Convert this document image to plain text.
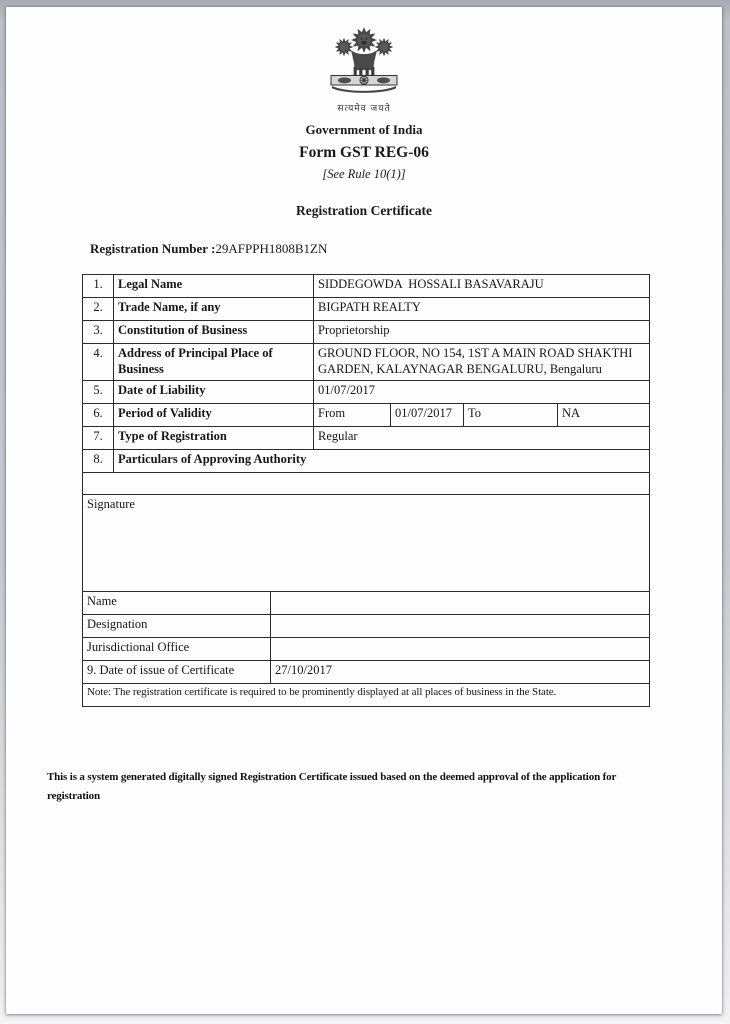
सत्यमेव जयते
Government of India
Form GST REG-06
[See Rule 10(1)]
Registration Certificate
Registration Number :29AFPPH1808B1ZN
1.	Legal Name		SIDDEGOWDA  HOSSALI BASAVARAJU			
2.	Trade Name, if any		BIGPATH REALTY			
3.	Constitution of Business		Proprietorship			
4.	Address of Principal Place of Business		GROUND FLOOR, NO 154, 1ST A MAIN ROAD SHAKTHI GARDEN, KALAYNAGAR BENGALURU, Bengaluru			
5.	Date of Liability		01/07/2017			
6.	Period of Validity		From	01/07/2017	To	NA
7.	Type of Registration		Regular			
8.	Particulars of Approving Authority					

Signature						
Name						
Designation						
Jurisdictional Office						
9. Date of issue of Certificate		27/10/2017				
Note: The registration certificate is required to be prominently displayed at all places of business in the State.						
This is a system generated digitally signed Registration Certificate issued based on the deemed approval of the application for registration
